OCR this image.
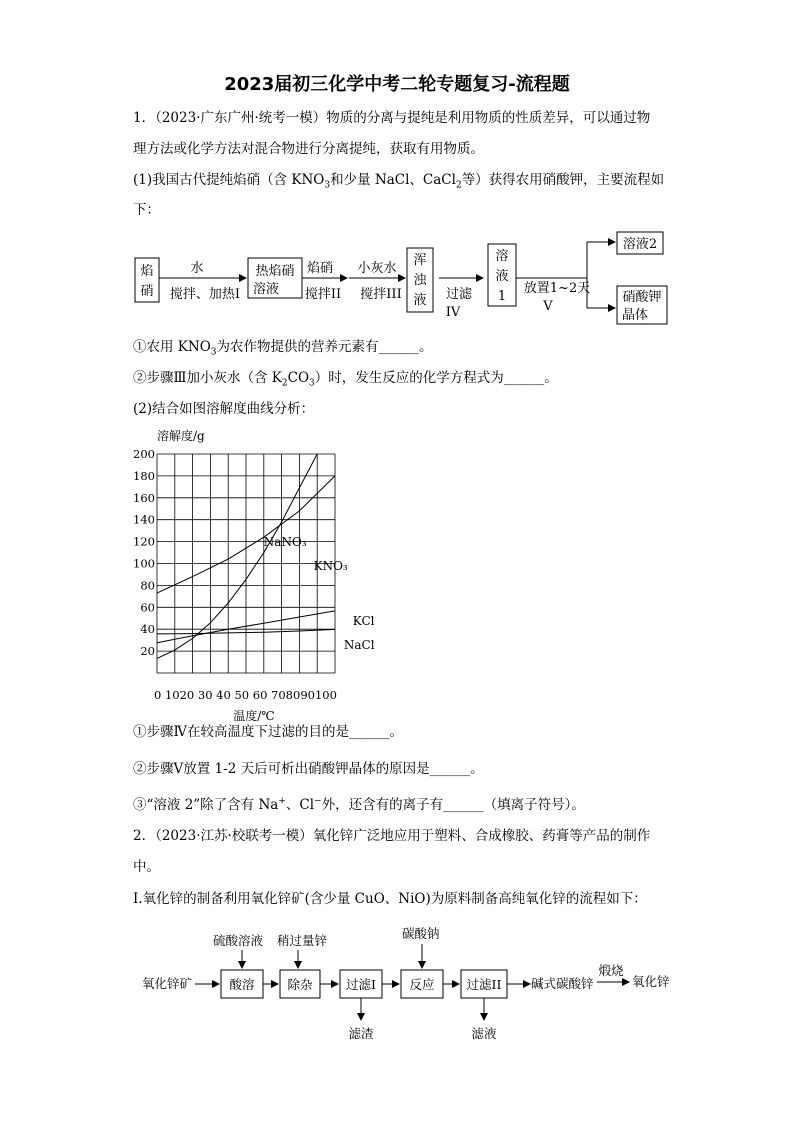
2023届初三化学中考二轮专题复习-流程题
1．（2023·广东广州·统考一模）物质的分离与提纯是利用物质的性质差异，可以通过物
理方法或化学方法对混合物进行分离提纯，获取有用物质。
(1)我国古代提纯焰硝（含 $KNO_3$和少量 NaCl、CaCl$_2$等）获得农用硝酸钾，主要流程如
下：
焰
硝
水
搅拌、加热I
热焰硝
溶液
焰硝
搅拌II
小灰水
搅拌III
浑
浊
液 过滤
IV
溶
液
1
放置1~2天
V
溶液2
硝酸钾
晶体
①农用 $KNO_3$为农作物提供的营养元素有______。
②步骤Ⅲ加小灰水（含 $K_2CO_3$）时，发生反应的化学方程式为______。
(2)结合如图溶解度曲线分析：
20
40
60
80
100
120
140
160
180
200
0 1020 30 40 50 60 708090100
溶解度/g
温度/℃
NaNO₃
KNO₃
KCl
NaCl
①步骤Ⅳ在较高温度下过滤的目的是______。
②步骤Ⅴ放置 1-2 天后可析出硝酸钾晶体的原因是______。
③“溶液 2”除了含有 Na+、Cl−外，还含有的离子有______（填离子符号）。
2．（2023·江苏·校联考一模）氧化锌广泛地应用于塑料、合成橡胶、药膏等产品的制作
中。
Ⅰ.氧化锌的制备利用氧化锌矿(含少量 CuO、NiO)为原料制备高纯氧化锌的流程如下：
氧化锌矿
硫酸溶液 稍过量锌	碳酸钠
酸溶	除杂	过滤I	反应	过滤II
滤渣	滤液
碱式碳酸锌
煅烧
氧化锌
